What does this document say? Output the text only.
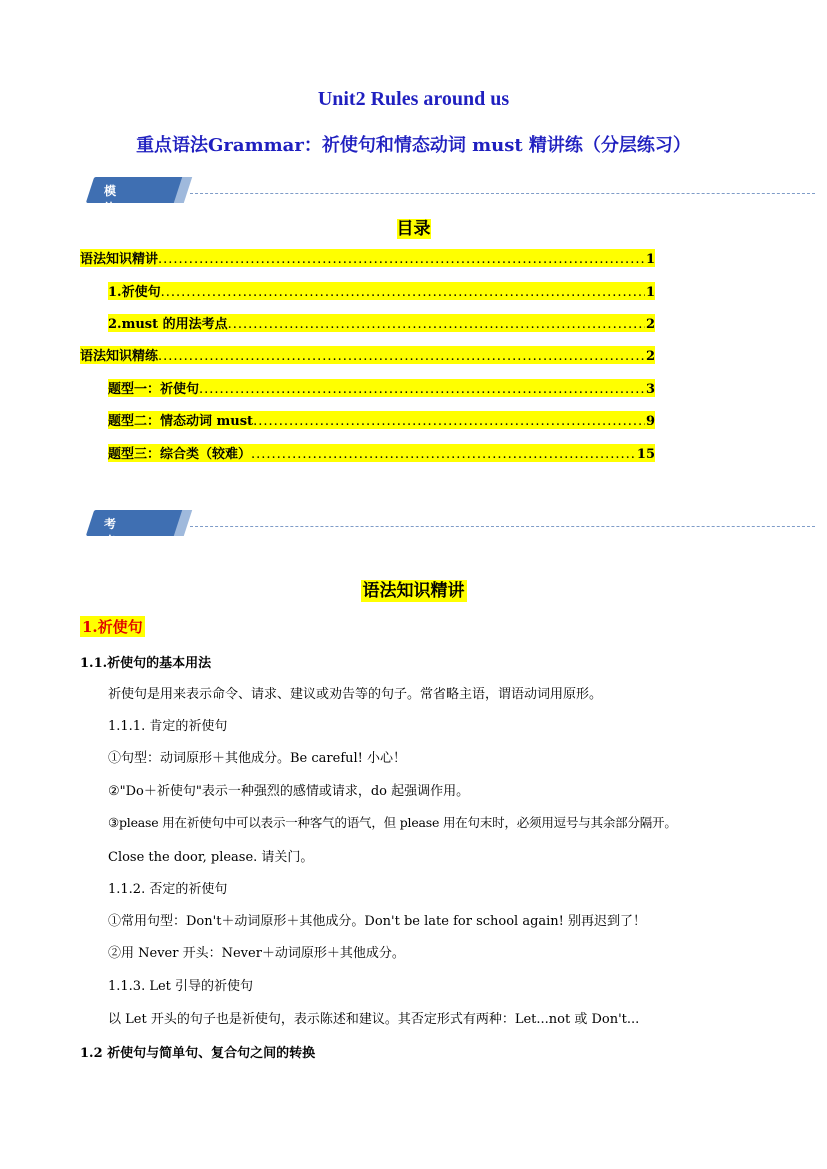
Unit2 Rules around us
重点语法Grammar：祈使句和情态动词 must 精讲练（分层练习）
模块导航
目录
语法知识精讲 .....	1
1.祈使句 .....	1
2.must 的用法考点 .....	2
语法知识精练 .....	2
题型一：祈使句 .....	3
题型二：情态动词 must .....	9
题型三：综合类（较难） .....	15
考点剖析
语法知识精讲
1.祈使句
1.1.祈使句的基本用法
祈使句是用来表示命令、请求、建议或劝告等的句子。常省略主语，谓语动词用原形。
1.1.1. 肯定的祈使句
①句型：动词原形＋其他成分。Be careful! 小心！
②"Do＋祈使句"表示一种强烈的感情或请求，do 起强调作用。
③please 用在祈使句中可以表示一种客气的语气，但 please 用在句末时，必须用逗号与其余部分隔开。
Close the door, please. 请关门。
1.1.2. 否定的祈使句
①常用句型：Don't＋动词原形＋其他成分。Don't be late for school again! 别再迟到了！
②用 Never 开头：Never＋动词原形＋其他成分。
1.1.3. Let 引导的祈使句
以 Let 开头的句子也是祈使句，表示陈述和建议。其否定形式有两种：Let...not 或 Don't...
1.2 祈使句与简单句、复合句之间的转换
